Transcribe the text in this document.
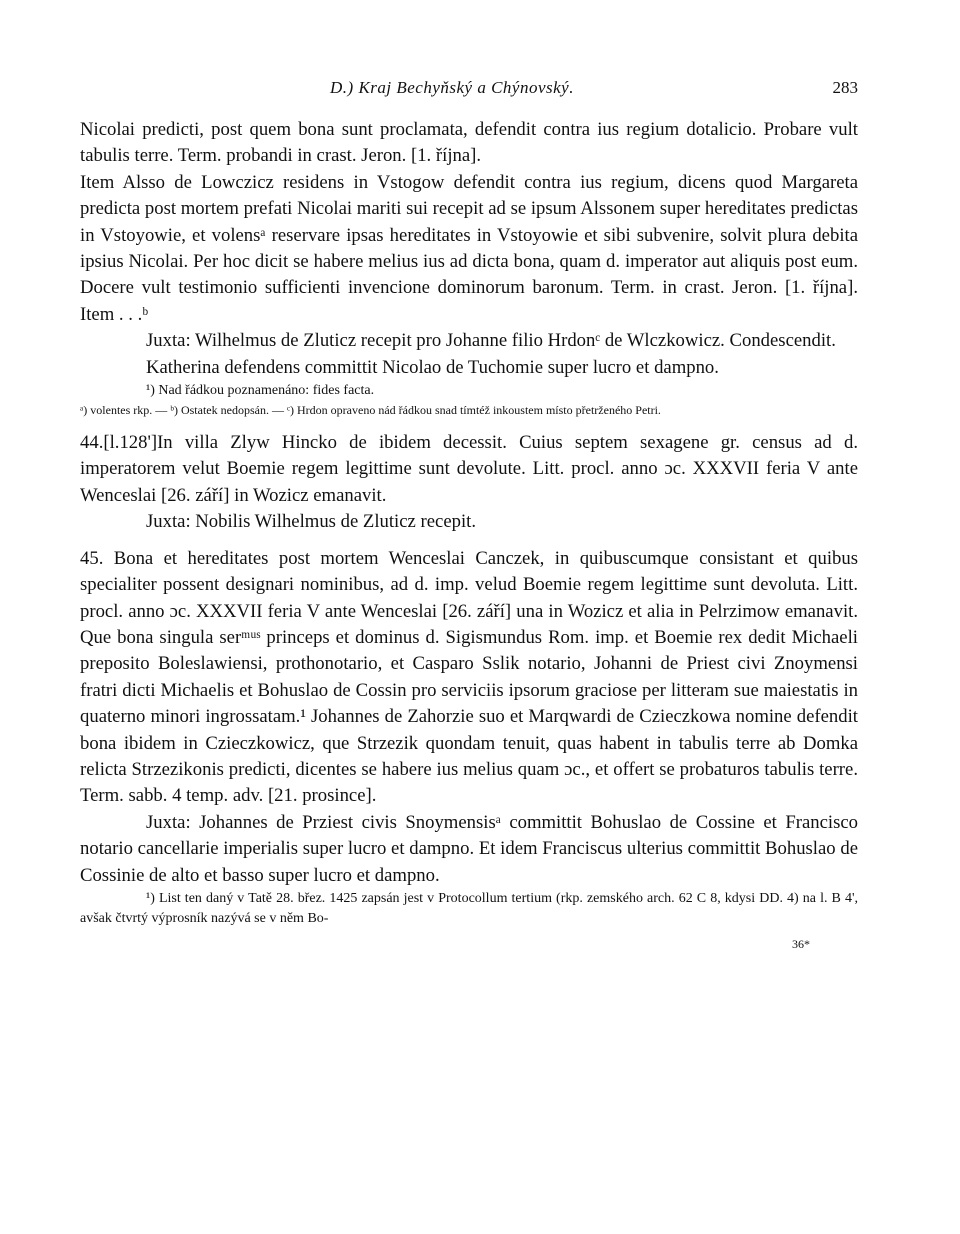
D.) Kraj Bechyňský a Chýnovský.	283

Nicolai predicti, post quem bona sunt proclamata, defendit contra ius regium dotalicio. Probare vult tabulis terre. Term. probandi in crast. Jeron. [1. října].

Item Alsso de Lowczicz residens in Vstogow defendit contra ius regium, dicens quod Margareta predicta post mortem prefati Nicolai mariti sui recepit ad se ipsum Alssonem super hereditates predictas in Vstoyowie, et volensᵃ reservare ipsas hereditates in Vstoyowie et sibi subvenire, solvit plura debita ipsius Nicolai. Per hoc dicit se habere melius ius ad dicta bona, quam d. imperator aut aliquis post eum. Docere vult testimonio sufficienti invencione dominorum baronum. Term. in crast. Jeron. [1. října]. Item . . .ᵇ

Juxta: Wilhelmus de Zluticz recepit pro Johanne filio Hrdonᶜ de Wlczkowicz. Condescendit.

Katherina defendens committit Nicolao de Tuchomie super lucro et dampno.

¹) Nad řádkou poznamenáno: fides facta.

ᵃ) volentes rkp. — ᵇ) Ostatek nedopsán. — ᶜ) Hrdon opraveno nád řádkou snad tímtéž inkoustem místo přetrženého Petri.

44.[l.128']In villa Zlyw Hincko de ibidem decessit. Cuius septem sexagene gr. census ad d. imperatorem velut Boemie regem legittime sunt devolute. Litt. procl. anno ɔc. XXXVII feria V ante Wenceslai [26. září] in Wozicz emanavit.

Juxta: Nobilis Wilhelmus de Zluticz recepit.

45. Bona et hereditates post mortem Wenceslai Canczek, in quibuscumque consistant et quibus specialiter possent designari nominibus, ad d. imp. velud Boemie regem legittime sunt devoluta. Litt. procl. anno ɔc. XXXVII feria V ante Wenceslai [26. září] una in Wozicz et alia in Pelrzimow emanavit. Que bona singula serᵐᵘˢ princeps et dominus d. Sigismundus Rom. imp. et Boemie rex dedit Michaeli preposito Boleslawiensi, prothonotario, et Casparo Sslik notario, Johanni de Priest civi Znoymensi fratri dicti Michaelis et Bohuslao de Cossin pro serviciis ipsorum graciose per litteram sue maiestatis in quaterno minori ingrossatam.¹ Johannes de Zahorzie suo et Marqwardi de Czieczkowa nomine defendit bona ibidem in Czieczkowicz, que Strzezik quondam tenuit, quas habent in tabulis terre ab Domka relicta Strzezikonis predicti, dicentes se habere ius melius quam ɔc., et offert se probaturos tabulis terre. Term. sabb. 4 temp. adv. [21. prosince].

Juxta: Johannes de Prziest civis Snoymensisᵃ committit Bohuslao de Cossine et Francisco notario cancellarie imperialis super lucro et dampno. Et idem Franciscus ulterius committit Bohuslao de Cossinie de alto et basso super lucro et dampno.

¹) List ten daný v Tatě 28. břez. 1425 zapsán jest v Protocollum tertium (rkp. zemského arch. 62 C 8, kdysi DD. 4) na l. B 4', avšak čtvrtý výprosník nazývá se v něm Bo-

36*
